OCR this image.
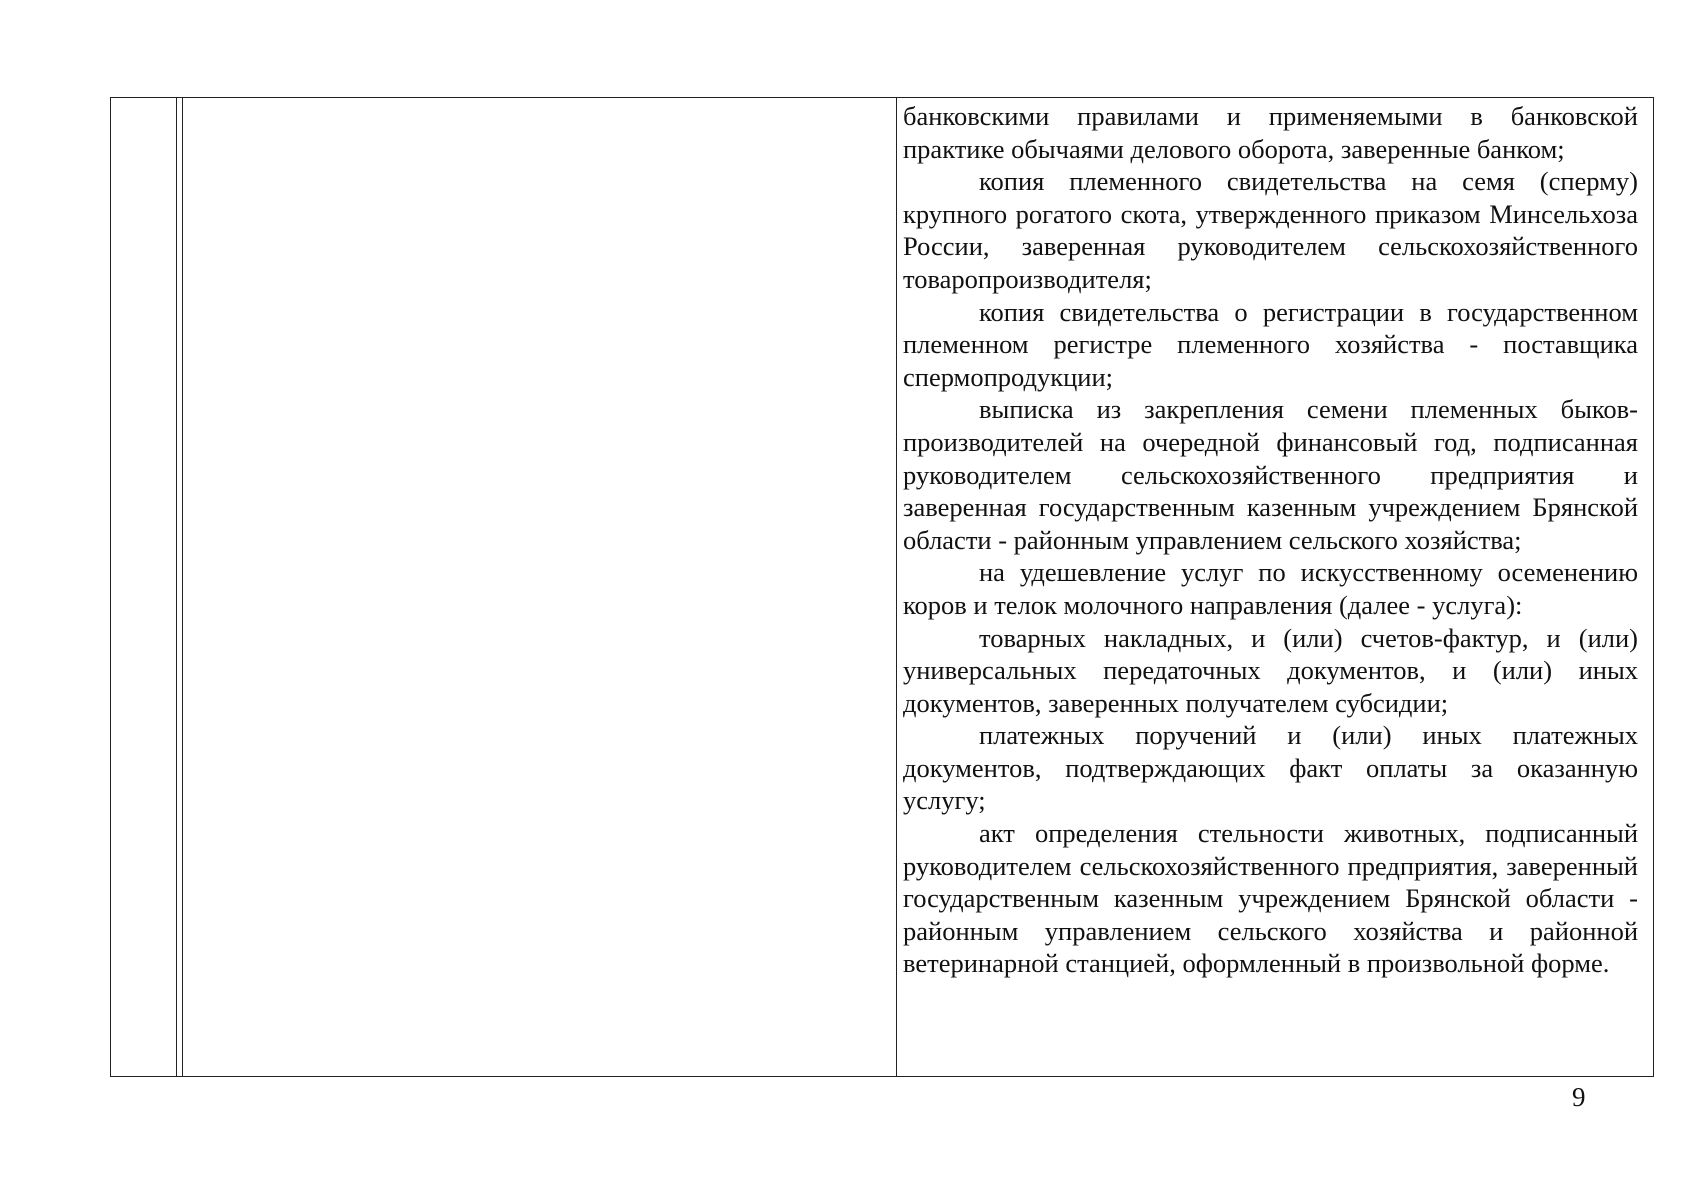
банковскими правилами и применяемыми в банковской практике обычаями делового оборота, заверенные банком;

копия племенного свидетельства на семя (сперму) крупного рогатого скота, утвержденного приказом Минсельхоза России, заверенная руководителем сельскохозяйственного товаропроизводителя;

копия свидетельства о регистрации в государственном племенном регистре племенного хозяйства - поставщика спермопродукции;

выписка из закрепления семени племенных быков-производителей на очередной финансовый год, подписанная руководителем сельскохозяйственного предприятия и заверенная государственным казенным учреждением Брянской области - районным управлением сельского хозяйства;

на удешевление услуг по искусственному осеменению коров и телок молочного направления (далее - услуга):

товарных накладных, и (или) счетов-фактур, и (или) универсальных передаточных документов, и (или) иных документов, заверенных получателем субсидии;

платежных поручений и (или) иных платежных документов, подтверждающих факт оплаты за оказанную услугу;

акт определения стельности животных, подписанный руководителем сельскохозяйственного предприятия, заверенный государственным казенным учреждением Брянской области - районным управлением сельского хозяйства и районной ветеринарной станцией, оформленный в произвольной форме.

9
